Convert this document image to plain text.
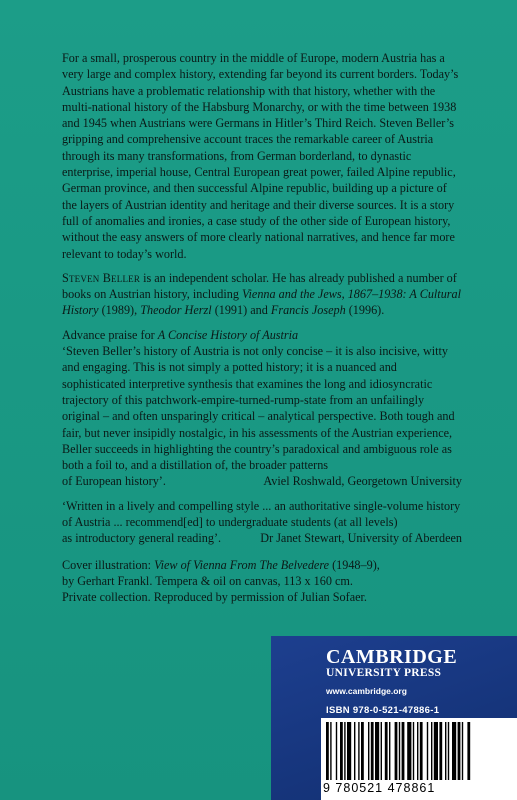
For a small, prosperous country in the middle of Europe, modern Austria has a very large and complex history, extending far beyond its current borders. Today’s Austrians have a problematic relationship with that history, whether with the multi-national history of the Habsburg Monarchy, or with the time between 1938 and 1945 when Austrians were Germans in Hitler’s Third Reich. Steven Beller’s gripping and comprehensive account traces the remarkable career of Austria through its many transformations, from German borderland, to dynastic enterprise, imperial house, Central European great power, failed Alpine republic, German province, and then successful Alpine republic, building up a picture of the layers of Austrian identity and heritage and their diverse sources. It is a story full of anomalies and ironies, a case study of the other side of European history, without the easy answers of more clearly national narratives, and hence far more relevant to today’s world.

Steven Beller is an independent scholar. He has already published a number of books on Austrian history, including Vienna and the Jews, 1867–1938: A Cultural History (1989), Theodor Herzl (1991) and Francis Joseph (1996).

Advance praise for A Concise History of Austria
‘Steven Beller’s history of Austria is not only concise – it is also incisive, witty and engaging. This is not simply a potted history; it is a nuanced and sophisticated interpretive synthesis that examines the long and idiosyncratic trajectory of this patchwork-empire-turned-rump-state from an unfailingly original – and often unsparingly critical – analytical perspective. Both tough and fair, but never insipidly nostalgic, in his assessments of the Austrian experience, Beller succeeds in highlighting the country’s paradoxical and ambiguous role as both a foil to, and a distillation of, the broader patterns
of European history’.	Aviel Roshwald, Georgetown University

‘Written in a lively and compelling style ... an authoritative single-volume history of Austria ... recommend[ed] to undergraduate students (at all levels)
as introductory general reading’.	Dr Janet Stewart, University of Aberdeen

Cover illustration: View of Vienna From The Belvedere (1948–9),
by Gerhart Frankl. Tempera & oil on canvas, 113 x 160 cm.
Private collection. Reproduced by permission of Julian Sofaer.

CAMBRIDGE
UNIVERSITY PRESS
www.cambridge.org
ISBN 978-0-521-47886-1
9 780521 478861
